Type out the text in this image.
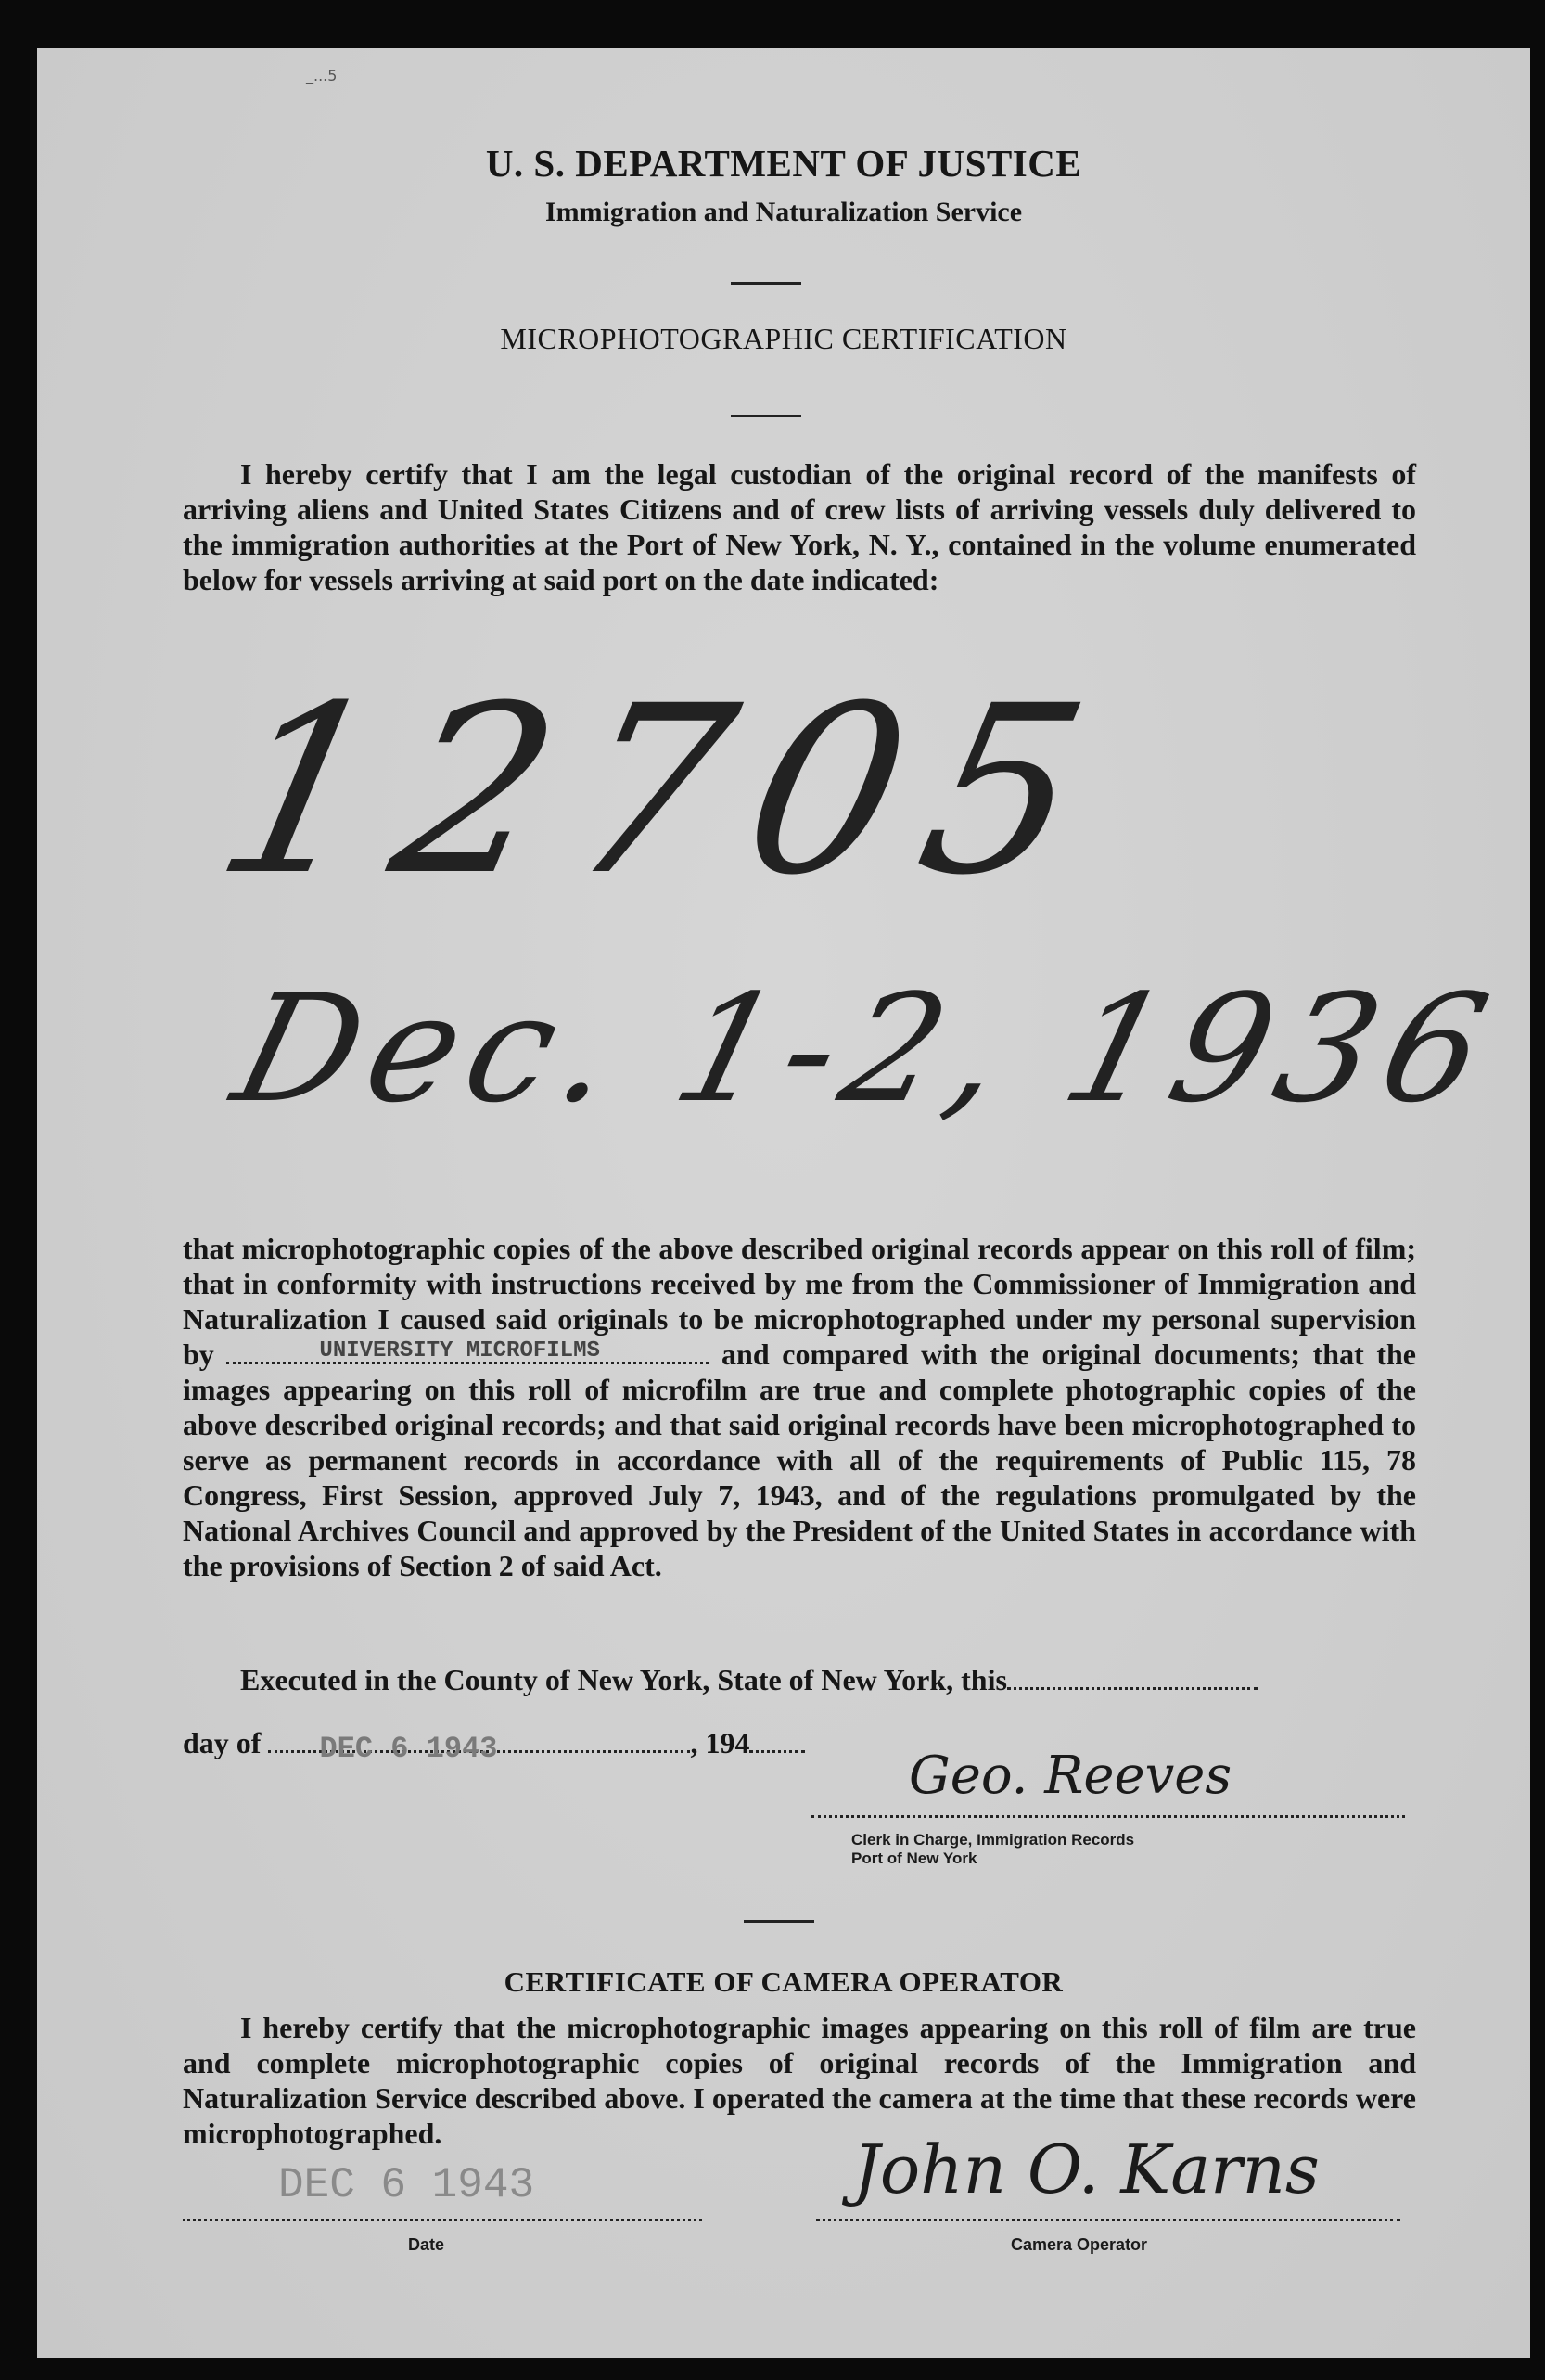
_...5
U. S. DEPARTMENT OF JUSTICE
Immigration and Naturalization Service
MICROPHOTOGRAPHIC CERTIFICATION

I hereby certify that I am the legal custodian of the original record of the manifests of arriving aliens and United States Citizens and of crew lists of arriving vessels duly delivered to the immigration authorities at the Port of New York, N. Y., contained in the volume enumerated below for vessels arriving at said port on the date indicated:

12705
Dec. 1-2, 1936

that microphotographic copies of the above described original records appear on this roll of film; that in conformity with instructions received by me from the Commissioner of Immigration and Naturalization I caused said originals to be microphotographed under my personal supervision by	UNIVERSITY MICROFILMS	and compared with the original documents; that the images appearing on this roll of microfilm are true and complete photographic copies of the above described original records; and that said original records have been microphotographed to serve as permanent records in accordance with all of the requirements of Public 115, 78 Congress, First Session, approved July 7, 1943, and of the regulations promulgated by the National Archives Council and approved by the President of the United States in accordance with the provisions of Section 2 of said Act.

Executed in the County of New York, State of New York, this

day of DEC 6 1943	, 194
Geo. Reeves
Clerk in Charge, Immigration Records
Port of New York
CERTIFICATE OF CAMERA OPERATOR

I hereby certify that the microphotographic images appearing on this roll of film are true and complete microphotographic copies of original records of the Immigration and Naturalization Service described above. I operated the camera at the time that these records were microphotographed.

DEC 6 1943
Date
John O. Karns
Camera Operator
